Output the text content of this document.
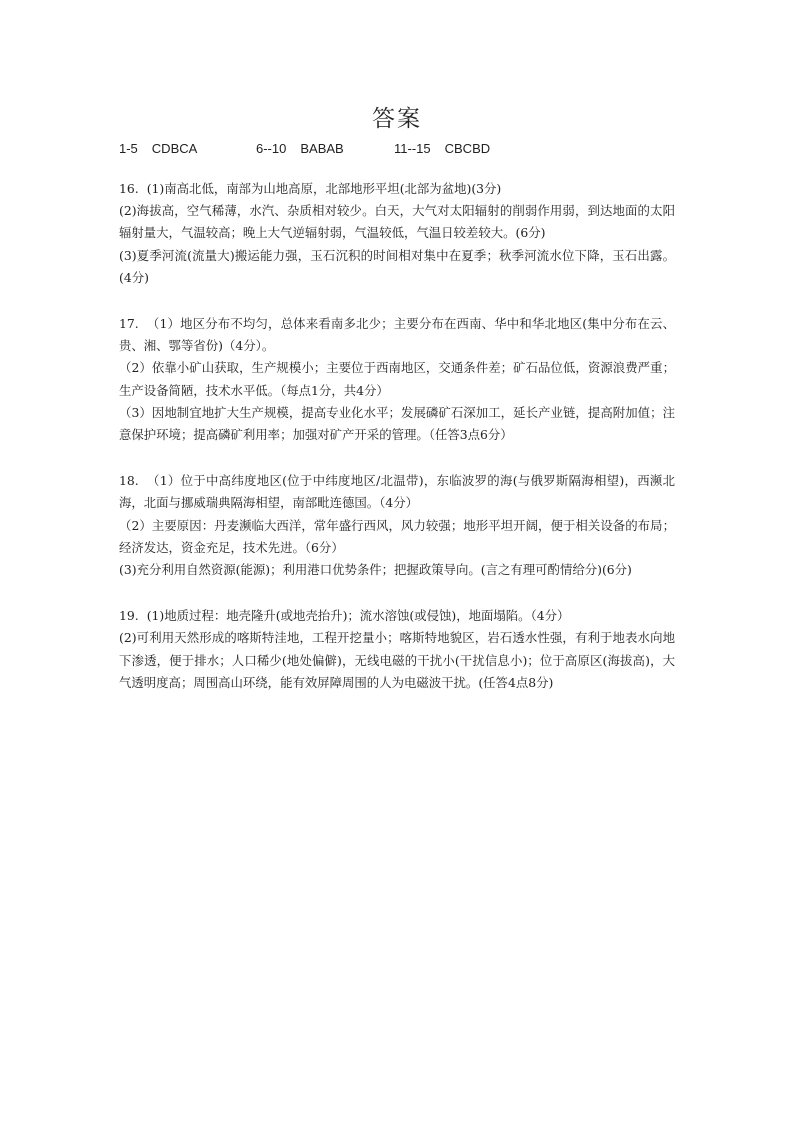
答案
1-5 CDBCA	6--10 BABAB	11--15 CBCBD

16. (1)南高北低，南部为山地高原，北部地形平坦(北部为盆地)(3分)

(2)海拔高，空气稀薄，水汽、杂质相对较少。白天，大气对太阳辐射的削弱作用弱，到达地面的太阳辐射量大，气温较高；晚上大气逆辐射弱，气温较低，气温日较差较大。(6分)

(3)夏季河流(流量大)搬运能力强，玉石沉积的时间相对集中在夏季；秋季河流水位下降，玉石出露。(4分)

17. （1）地区分布不均匀，总体来看南多北少；主要分布在西南、华中和华北地区(集中分布在云、贵、湘、鄂等省份)（4分）。

（2）依靠小矿山获取，生产规模小；主要位于西南地区，交通条件差；矿石品位低，资源浪费严重；生产设备简陋，技术水平低。（每点1分，共4分）

（3）因地制宜地扩大生产规模，提高专业化水平；发展磷矿石深加工，延长产业链，提高附加值；注意保护环境；提高磷矿利用率；加强对矿产开采的管理。（任答3点6分）

18. （1）位于中高纬度地区(位于中纬度地区/北温带)，东临波罗的海(与俄罗斯隔海相望)，西濒北海，北面与挪威瑞典隔海相望，南部毗连德国。（4分）

（2）主要原因：丹麦濒临大西洋，常年盛行西风，风力较强；地形平坦开阔，便于相关设备的布局； 经济发达，资金充足，技术先进。（6分）

(3)充分利用自然资源(能源)；利用港口优势条件；把握政策导向。(言之有理可酌情给分)(6分)

19. (1)地质过程：地壳隆升(或地壳抬升)；流水溶蚀(或侵蚀)，地面塌陷。（4分）

(2)可利用天然形成的喀斯特洼地，工程开挖量小；喀斯特地貌区，岩石透水性强，有利于地表水向地下渗透，便于排水；人口稀少(地处偏僻)，无线电磁的干扰小(干扰信息小)；位于高原区(海拔高)，大气透明度高；周围高山环绕，能有效屏障周围的人为电磁波干扰。(任答4点8分)
